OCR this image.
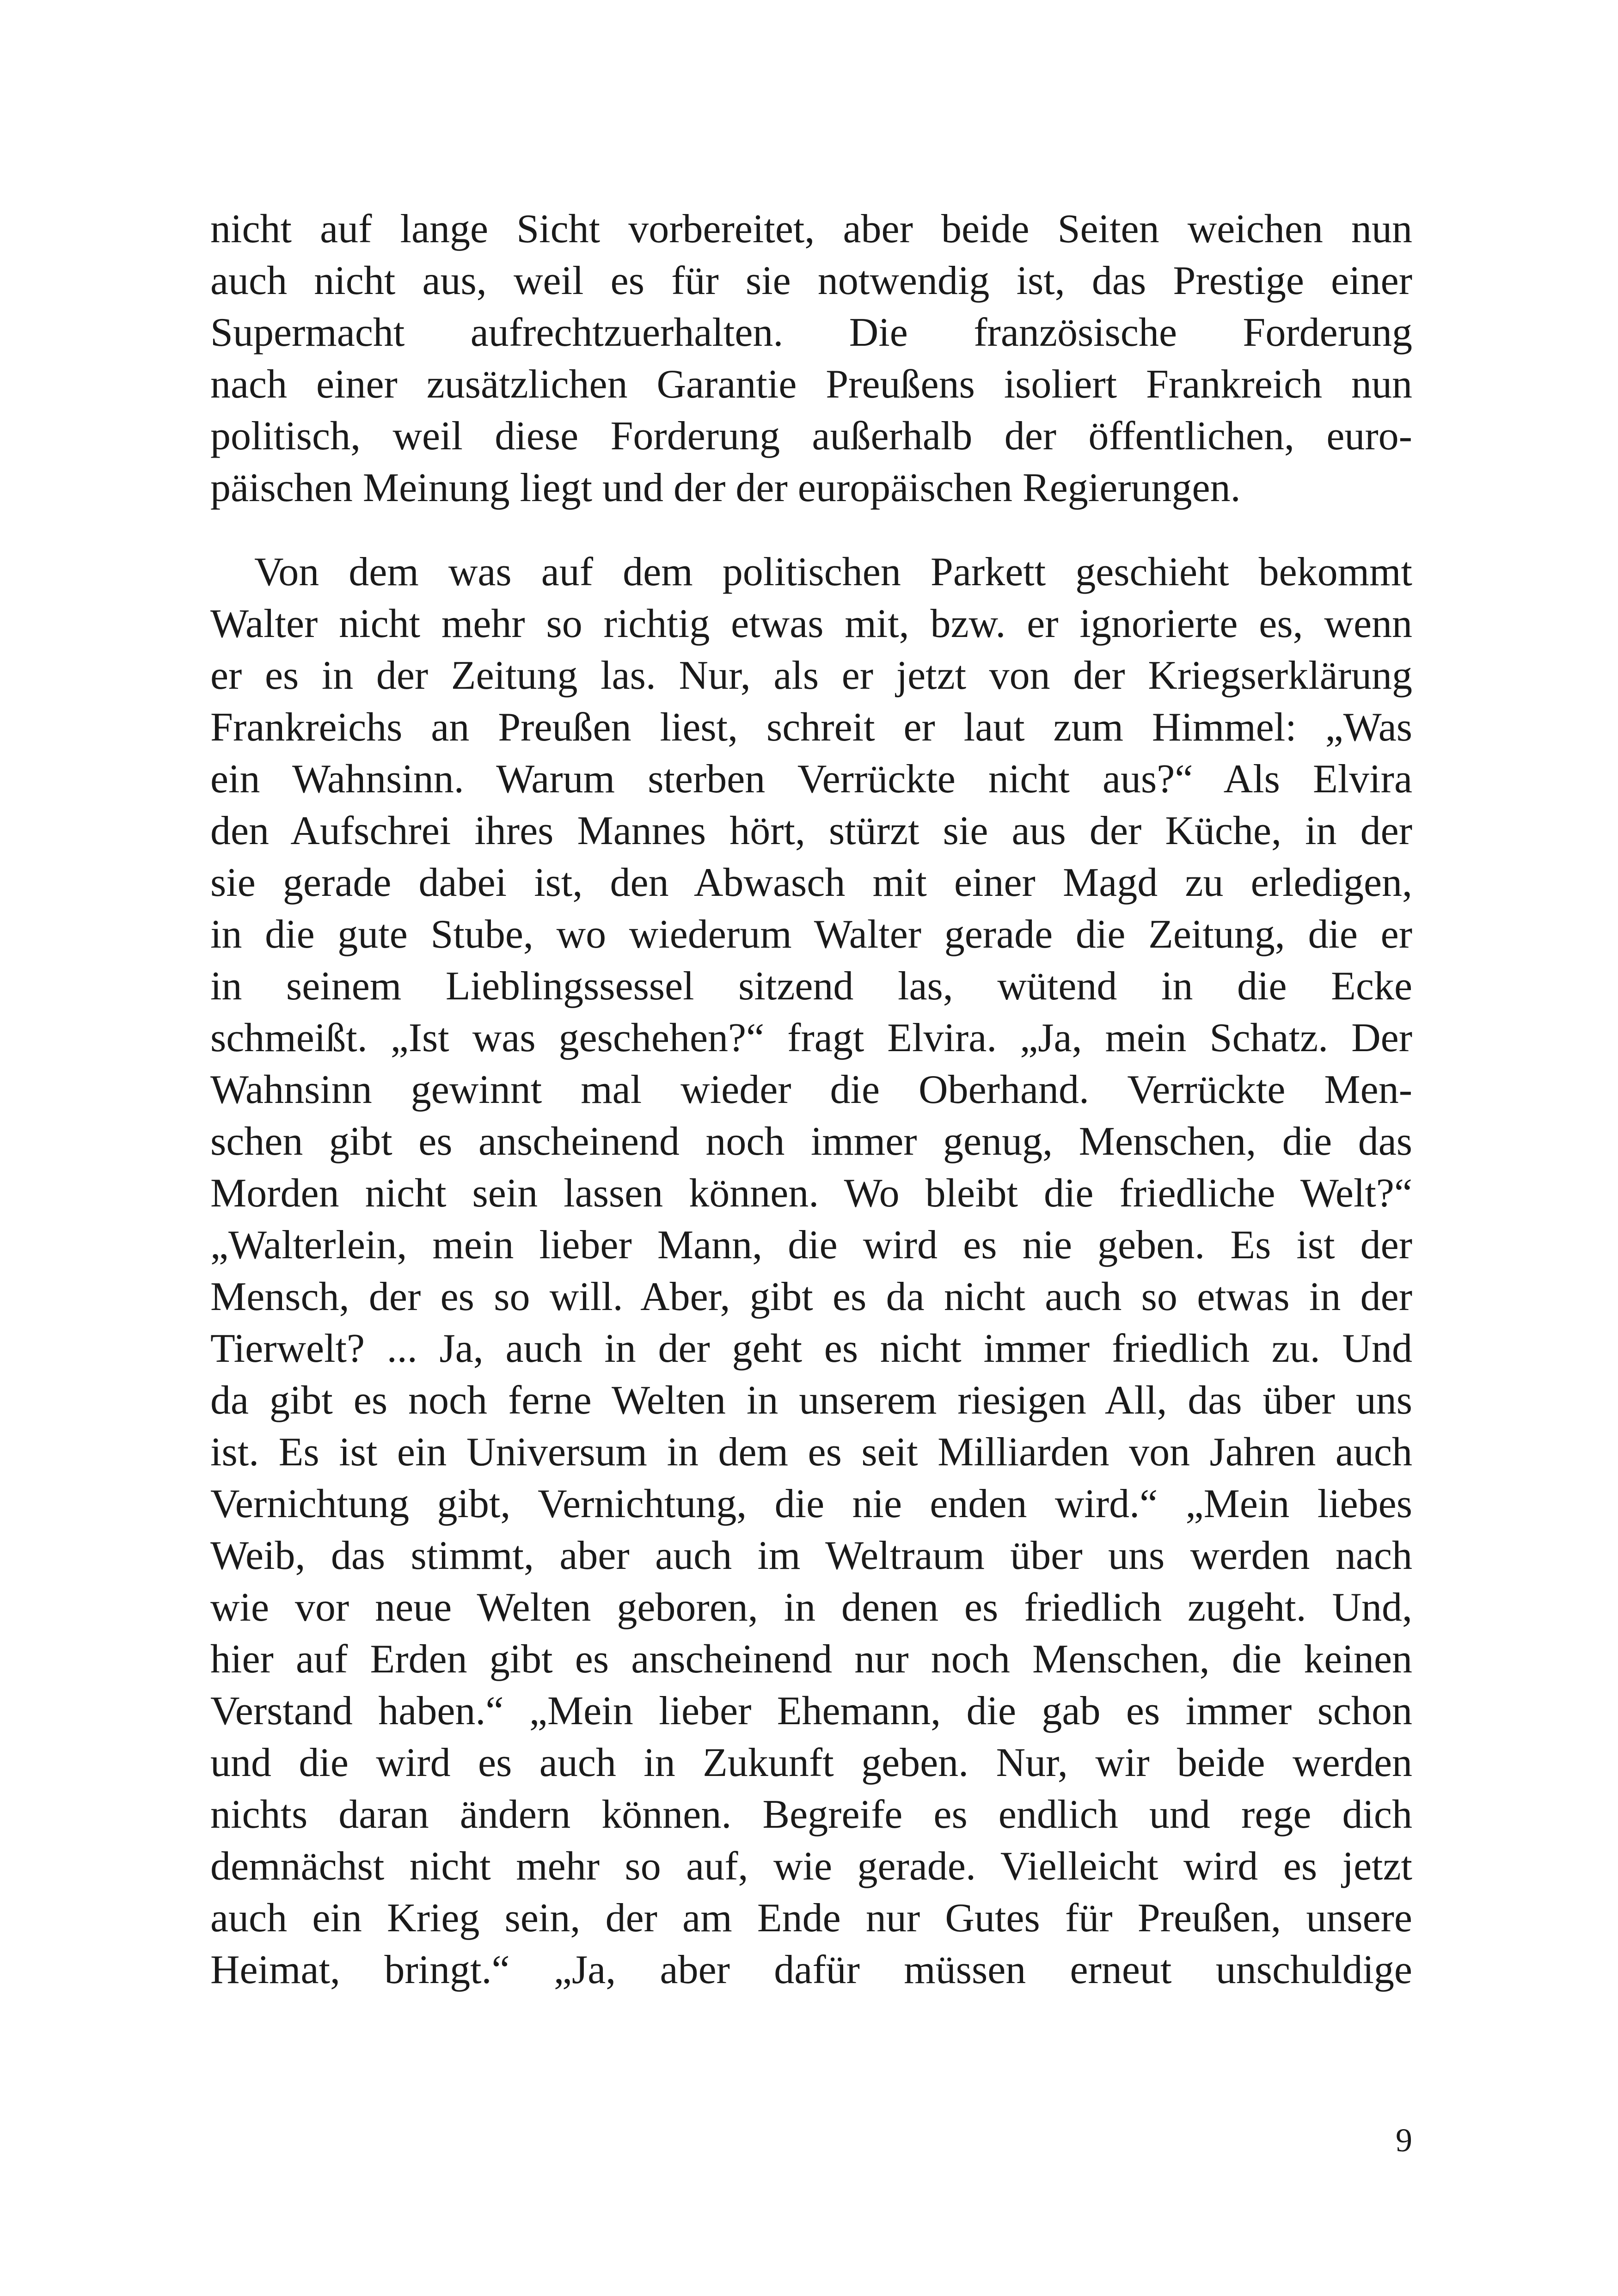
nicht auf lange Sicht vorbereitet, aber beide Seiten weichen nun
auch nicht aus, weil es für sie notwendig ist, das Prestige einer
Supermacht aufrechtzuerhalten. Die französische Forderung
nach einer zusätzlichen Garantie Preußens isoliert Frankreich nun
politisch, weil diese Forderung außerhalb der öffentlichen, euro-
päischen Meinung liegt und der der europäischen Regierungen.

Von dem was auf dem politischen Parkett geschieht bekommt
Walter nicht mehr so richtig etwas mit, bzw. er ignorierte es, wenn
er es in der Zeitung las. Nur, als er jetzt von der Kriegserklärung
Frankreichs an Preußen liest, schreit er laut zum Himmel: „Was
ein Wahnsinn. Warum sterben Verrückte nicht aus?“ Als Elvira
den Aufschrei ihres Mannes hört, stürzt sie aus der Küche, in der
sie gerade dabei ist, den Abwasch mit einer Magd zu erledigen,
in die gute Stube, wo wiederum Walter gerade die Zeitung, die er
in seinem Lieblingssessel sitzend las, wütend in die Ecke
schmeißt. „Ist was geschehen?“ fragt Elvira. „Ja, mein Schatz. Der
Wahnsinn gewinnt mal wieder die Oberhand. Verrückte Men-
schen gibt es anscheinend noch immer genug, Menschen, die das
Morden nicht sein lassen können. Wo bleibt die friedliche Welt?“
„Walterlein, mein lieber Mann, die wird es nie geben. Es ist der
Mensch, der es so will. Aber, gibt es da nicht auch so etwas in der
Tierwelt? ... Ja, auch in der geht es nicht immer friedlich zu. Und
da gibt es noch ferne Welten in unserem riesigen All, das über uns
ist. Es ist ein Universum in dem es seit Milliarden von Jahren auch
Vernichtung gibt, Vernichtung, die nie enden wird.“ „Mein liebes
Weib, das stimmt, aber auch im Weltraum über uns werden nach
wie vor neue Welten geboren, in denen es friedlich zugeht. Und,
hier auf Erden gibt es anscheinend nur noch Menschen, die keinen
Verstand haben.“ „Mein lieber Ehemann, die gab es immer schon
und die wird es auch in Zukunft geben. Nur, wir beide werden
nichts daran ändern können. Begreife es endlich und rege dich
demnächst nicht mehr so auf, wie gerade. Vielleicht wird es jetzt
auch ein Krieg sein, der am Ende nur Gutes für Preußen, unsere
Heimat, bringt.“ „Ja, aber dafür müssen erneut unschuldige

9
